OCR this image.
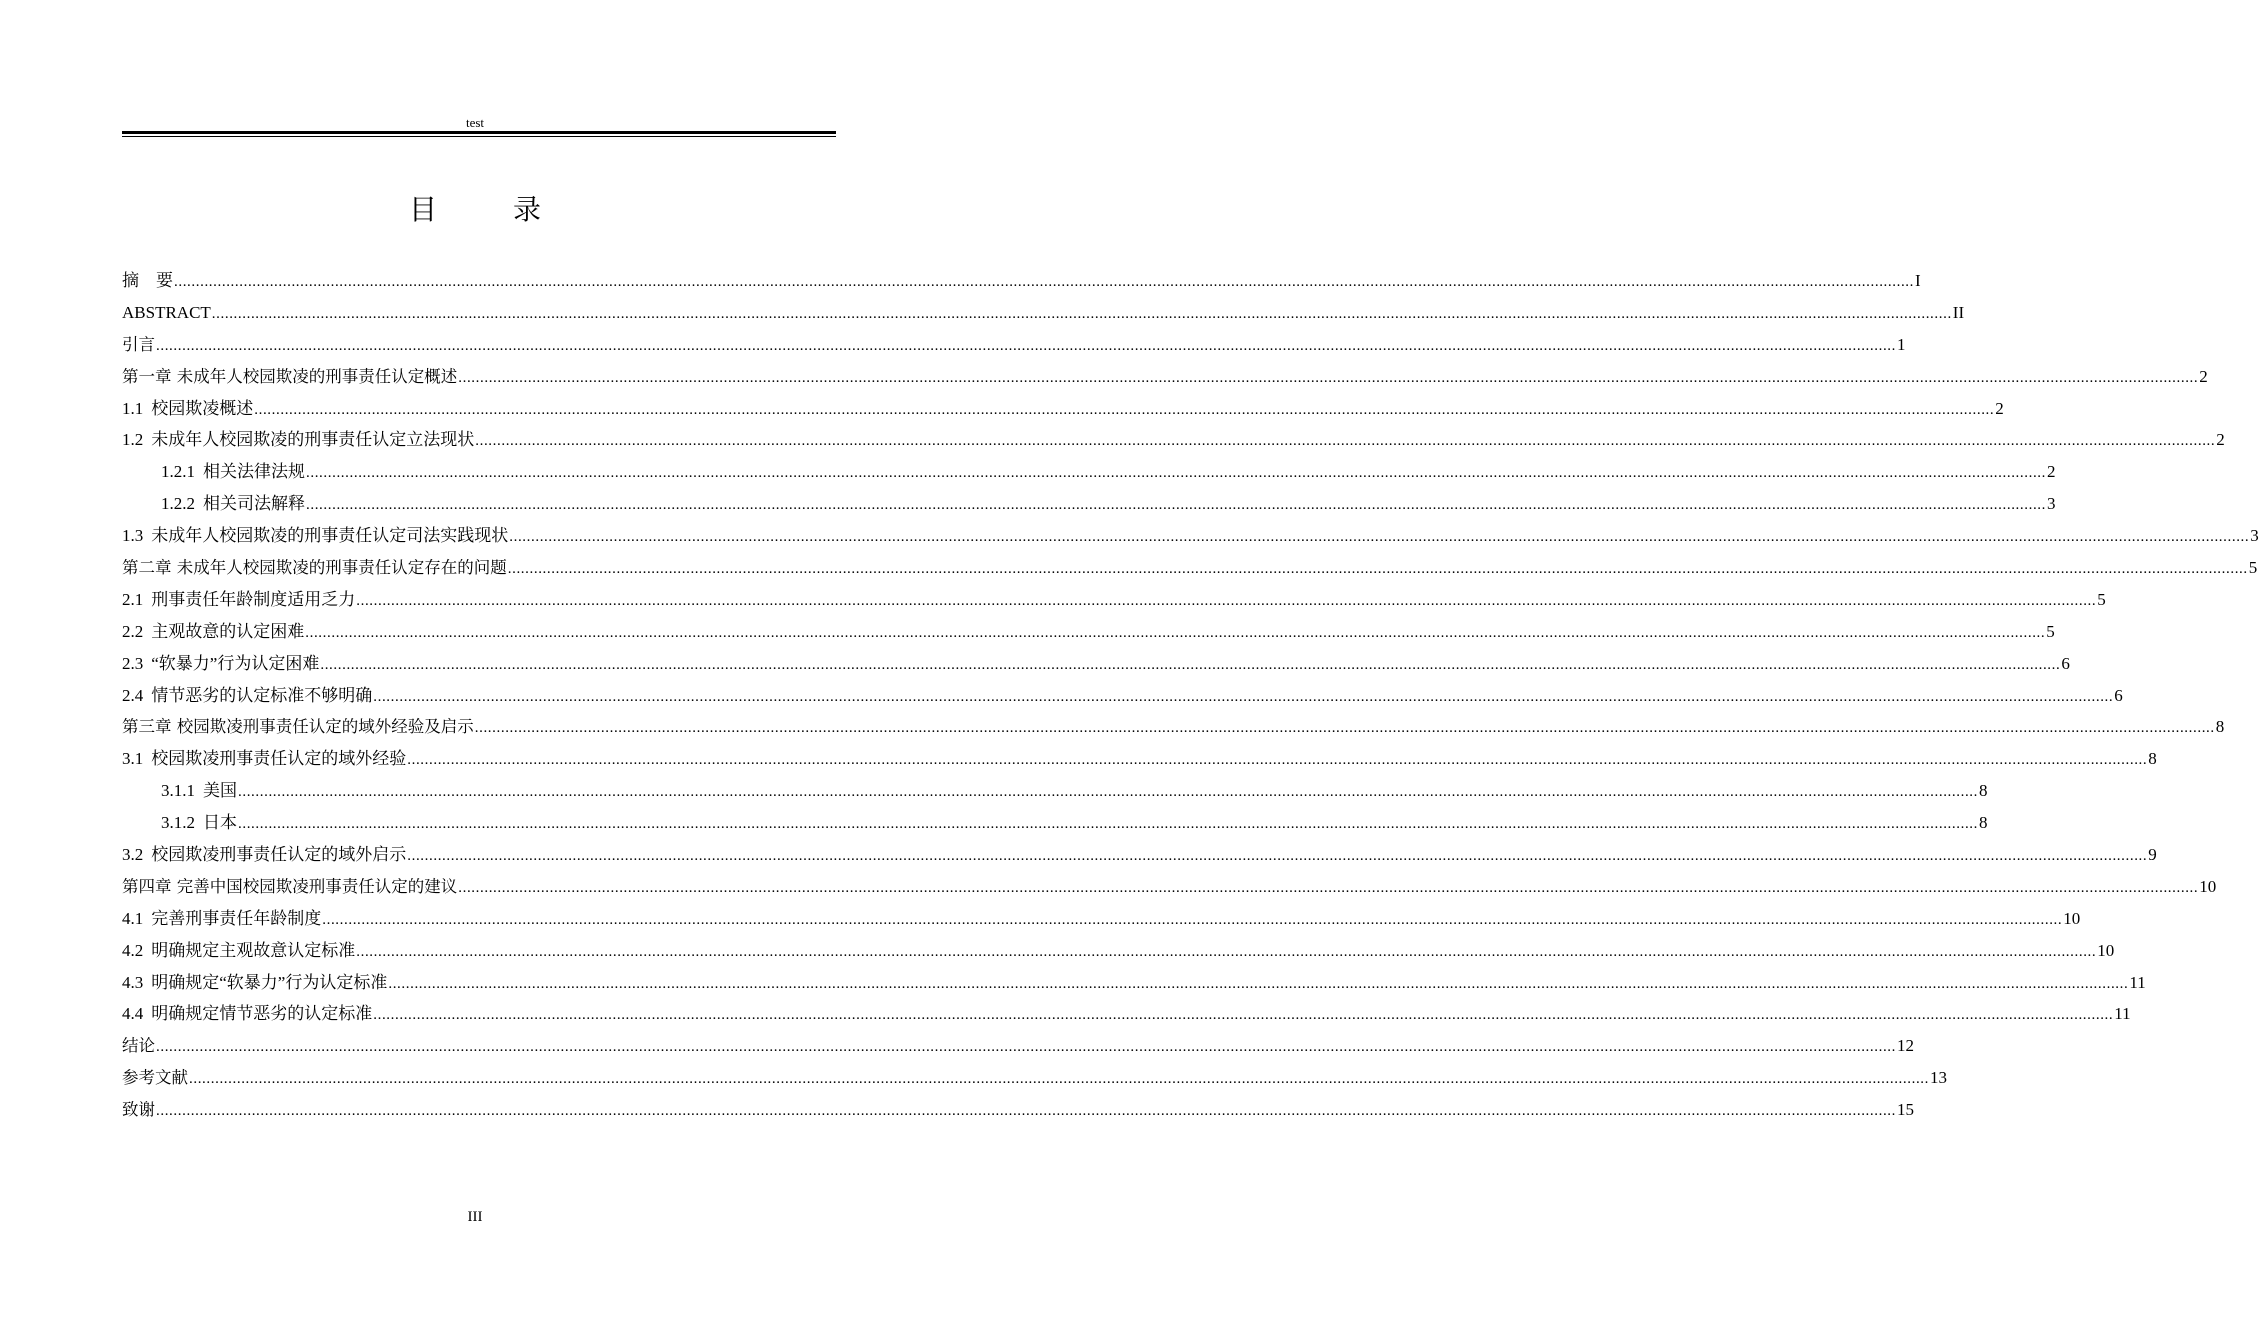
test
目　录
摘　要 ................................................................................................................................................................................................................................................................................................................................................................................................................ I
ABSTRACT ................................................................................................................................................................................................................................................................................................................................................................................................................ II
引言 ................................................................................................................................................................................................................................................................................................................................................................................................................ 1
第一章 未成年人校园欺凌的刑事责任认定概述 ................................................................................................................................................................................................................................................................................................................................................................................................................ 2
1.1 校园欺凌概述 ................................................................................................................................................................................................................................................................................................................................................................................................................ 2
1.2 未成年人校园欺凌的刑事责任认定立法现状 ................................................................................................................................................................................................................................................................................................................................................................................................................ 2
1.2.1 相关法律法规 ................................................................................................................................................................................................................................................................................................................................................................................................................ 2
1.2.2 相关司法解释 ................................................................................................................................................................................................................................................................................................................................................................................................................ 3
1.3 未成年人校园欺凌的刑事责任认定司法实践现状 ................................................................................................................................................................................................................................................................................................................................................................................................................ 3
第二章 未成年人校园欺凌的刑事责任认定存在的问题 ................................................................................................................................................................................................................................................................................................................................................................................................................ 5
2.1 刑事责任年龄制度适用乏力 ................................................................................................................................................................................................................................................................................................................................................................................................................ 5
2.2 主观故意的认定困难 ................................................................................................................................................................................................................................................................................................................................................................................................................ 5
2.3 “软暴力”行为认定困难 ................................................................................................................................................................................................................................................................................................................................................................................................................ 6
2.4 情节恶劣的认定标准不够明确 ................................................................................................................................................................................................................................................................................................................................................................................................................ 6
第三章 校园欺凌刑事责任认定的域外经验及启示 ................................................................................................................................................................................................................................................................................................................................................................................................................ 8
3.1 校园欺凌刑事责任认定的域外经验 ................................................................................................................................................................................................................................................................................................................................................................................................................ 8
3.1.1 美国 ................................................................................................................................................................................................................................................................................................................................................................................................................ 8
3.1.2 日本 ................................................................................................................................................................................................................................................................................................................................................................................................................ 8
3.2 校园欺凌刑事责任认定的域外启示 ................................................................................................................................................................................................................................................................................................................................................................................................................ 9
第四章 完善中国校园欺凌刑事责任认定的建议 ................................................................................................................................................................................................................................................................................................................................................................................................................ 10
4.1 完善刑事责任年龄制度 ................................................................................................................................................................................................................................................................................................................................................................................................................ 10
4.2 明确规定主观故意认定标准 ................................................................................................................................................................................................................................................................................................................................................................................................................ 10
4.3 明确规定“软暴力”行为认定标准 ................................................................................................................................................................................................................................................................................................................................................................................................................ 11
4.4 明确规定情节恶劣的认定标准 ................................................................................................................................................................................................................................................................................................................................................................................................................ 11
结论 ................................................................................................................................................................................................................................................................................................................................................................................................................ 12
参考文献 ................................................................................................................................................................................................................................................................................................................................................................................................................ 13
致谢 ................................................................................................................................................................................................................................................................................................................................................................................................................ 15
III
